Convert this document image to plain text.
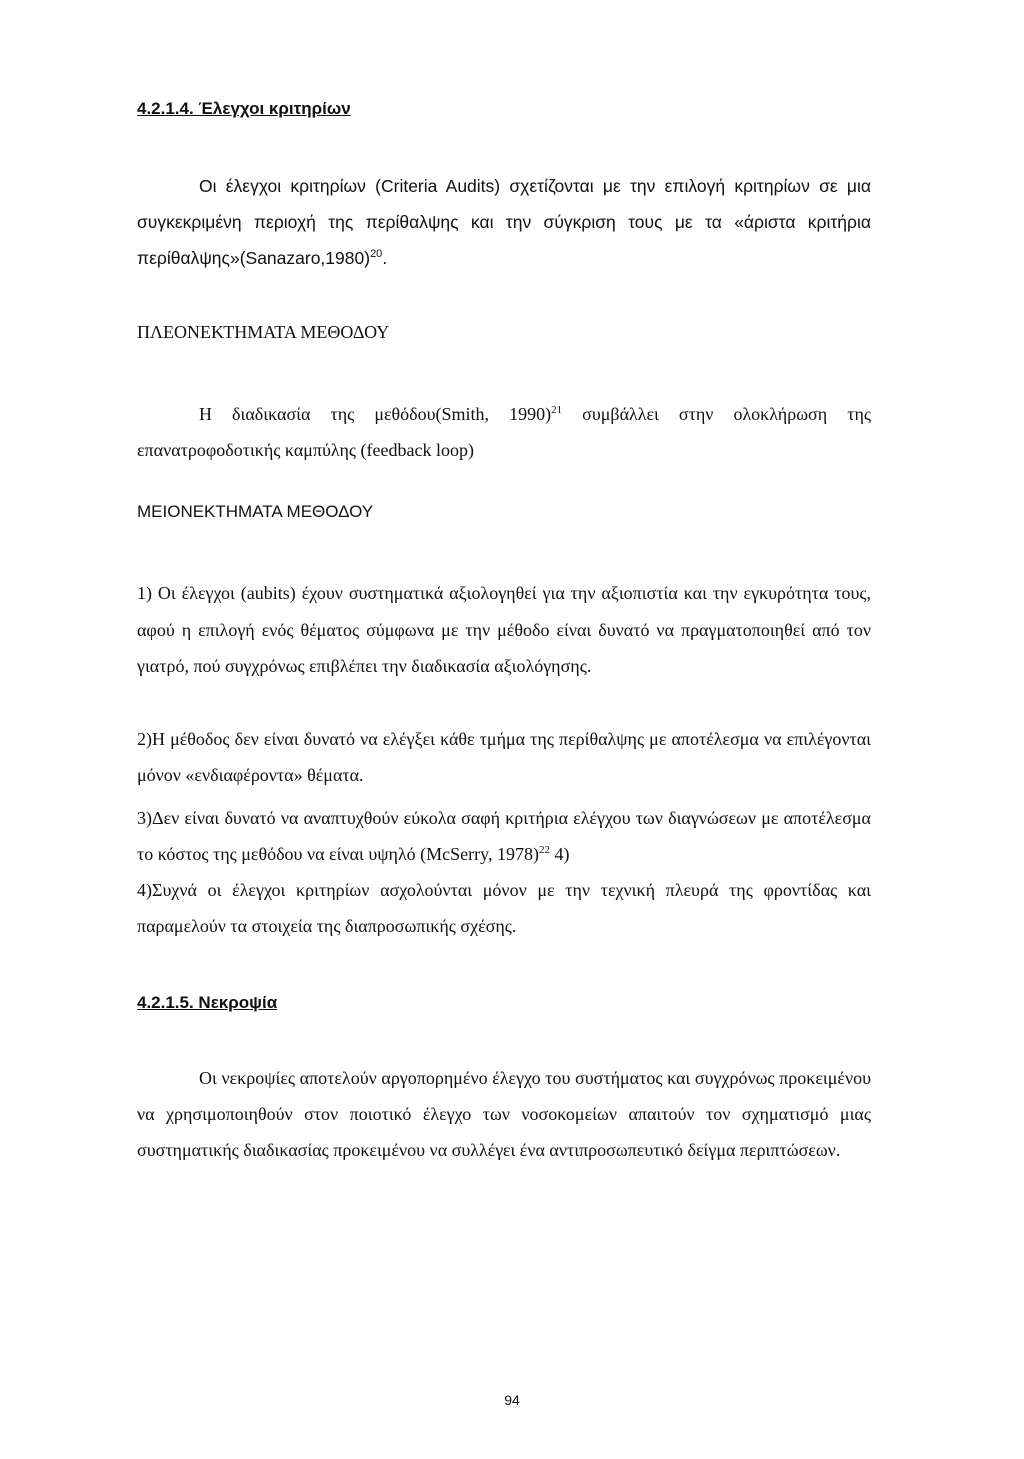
4.2.1.4. Έλεγχοι κριτηρίων

Οι έλεγχοι κριτηρίων (Criteria Audits) σχετίζονται με την επιλογή κριτηρίων σε μια συγκεκριμένη περιοχή της περίθαλψης και την σύγκριση τους με τα «άριστα κριτήρια περίθαλψης»(Sanazaro,1980)$^{20}$.

ΠΛΕΟΝΕΚΤΗΜΑΤΑ ΜΕΘΟΔΟΥ

Η διαδικασία της μεθόδου(Smith, 1990)$^{21}$ συμβάλλει στην ολοκλήρωση της επανατροφοδοτικής καμπύλης (feedback loop)

ΜΕΙΟΝΕΚΤΗΜΑΤΑ ΜΕΘΟΔΟΥ

1) Οι έλεγχοι (aubits) έχουν συστηματικά αξιολογηθεί για την αξιοπιστία και την εγκυρότητα τους, αφού η επιλογή ενός θέματος σύμφωνα με την μέθοδο είναι δυνατό να πραγματοποιηθεί από τον γιατρό, πού συγχρόνως επιβλέπει την διαδικασία αξιολόγησης.

2)Η μέθοδος δεν είναι δυνατό να ελέγξει κάθε τμήμα της περίθαλψης με αποτέλεσμα να επιλέγονται μόνον «ενδιαφέροντα» θέματα.

3)Δεν είναι δυνατό να αναπτυχθούν εύκολα σαφή κριτήρια ελέγχου των διαγνώσεων με αποτέλεσμα το κόστος της μεθόδου να είναι υψηλό (McSerry, 1978)$^{22}$ 4)

4)Συχνά οι έλεγχοι κριτηρίων ασχολούνται μόνον με την τεχνική πλευρά της φροντίδας και παραμελούν τα στοιχεία της διαπροσωπικής σχέσης.

4.2.1.5. Νεκροψία

Οι νεκροψίες αποτελούν αργοπορημένο έλεγχο του συστήματος και συγχρόνως προκειμένου να χρησιμοποιηθούν στον ποιοτικό έλεγχο των νοσοκομείων απαιτούν τον σχηματισμό μιας συστηματικής διαδικασίας προκειμένου να συλλέγει ένα αντιπροσωπευτικό δείγμα περιπτώσεων.

94
